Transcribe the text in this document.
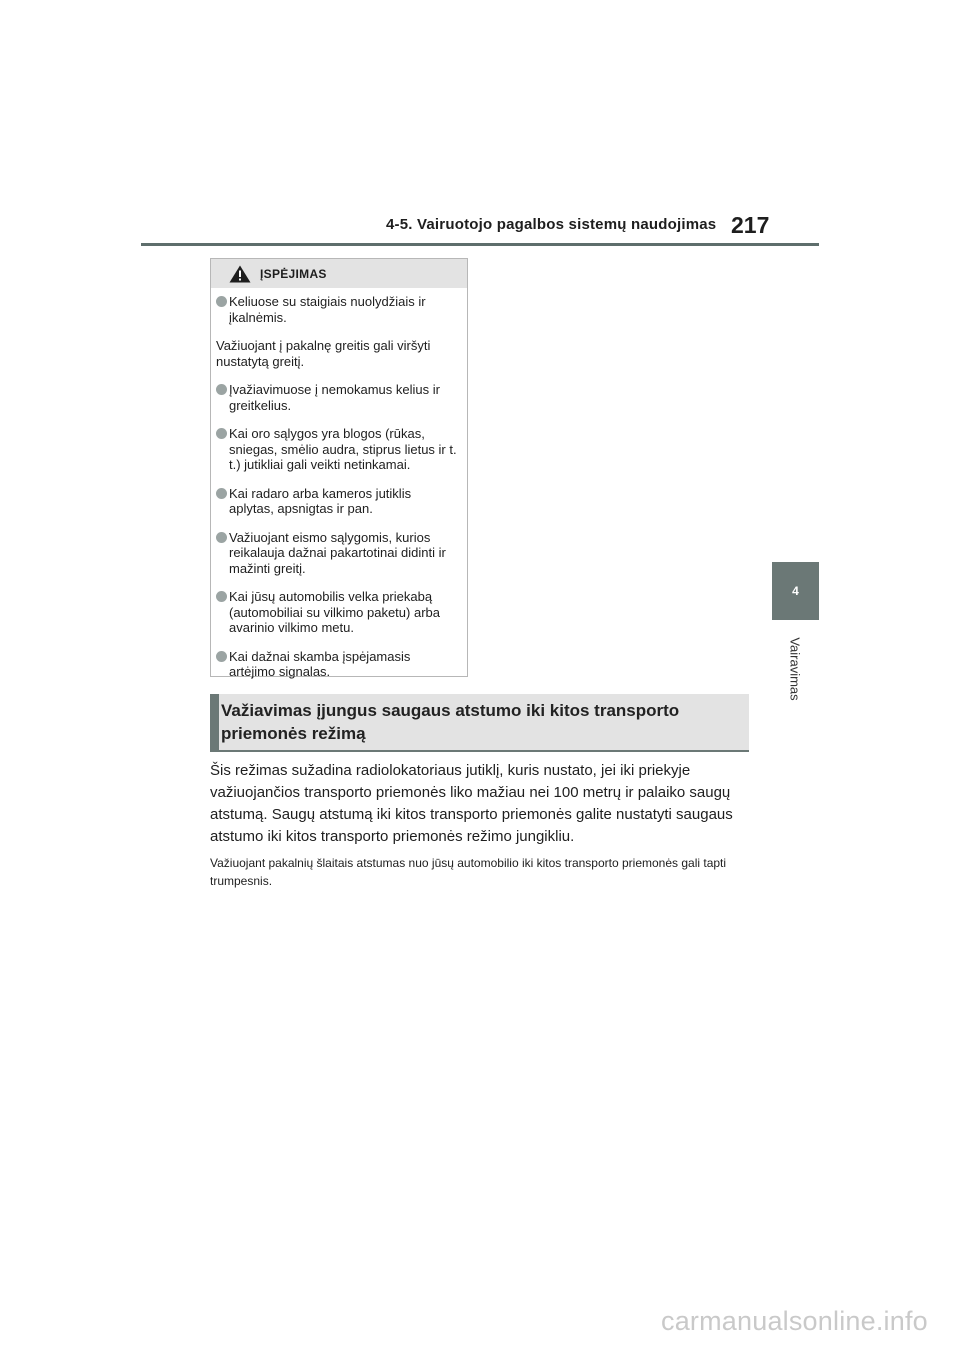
4-5. Vairuotojo pagalbos sistemų naudojimas 217
4
Vairavimas
ĮSPĖJIMAS
Keliuose su staigiais nuolydžiais ir įkalnėmis.
Važiuojant į pakalnę greitis gali viršyti nustatytą greitį.
Įvažiavimuose į nemokamus kelius ir greitkelius.
Kai oro sąlygos yra blogos (rūkas, sniegas, smėlio audra, stiprus lietus ir t. t.) jutikliai gali veikti netinkamai.
Kai radaro arba kameros jutiklis aplytas, apsnigtas ir pan.
Važiuojant eismo sąlygomis, kurios reikalauja dažnai pakartotinai didinti ir mažinti greitį.
Kai jūsų automobilis velka priekabą (automobiliai su vilkimo paketu) arba avarinio vilkimo metu.
Kai dažnai skamba įspėjamasis artėjimo signalas.
Važiavimas įjungus saugaus atstumo iki kitos transporto priemonės režimą
Šis režimas sužadina radiolokatoriaus jutiklį, kuris nustato, jei iki priekyje važiuojančios transporto priemonės liko mažiau nei 100 metrų ir palaiko saugų atstumą. Saugų atstumą iki kitos transporto priemonės galite nustatyti saugaus atstumo iki kitos transporto priemonės režimo jungikliu.
Važiuojant pakalnių šlaitais atstumas nuo jūsų automobilio iki kitos transporto priemonės gali tapti trumpesnis.
carmanualsonline.info
